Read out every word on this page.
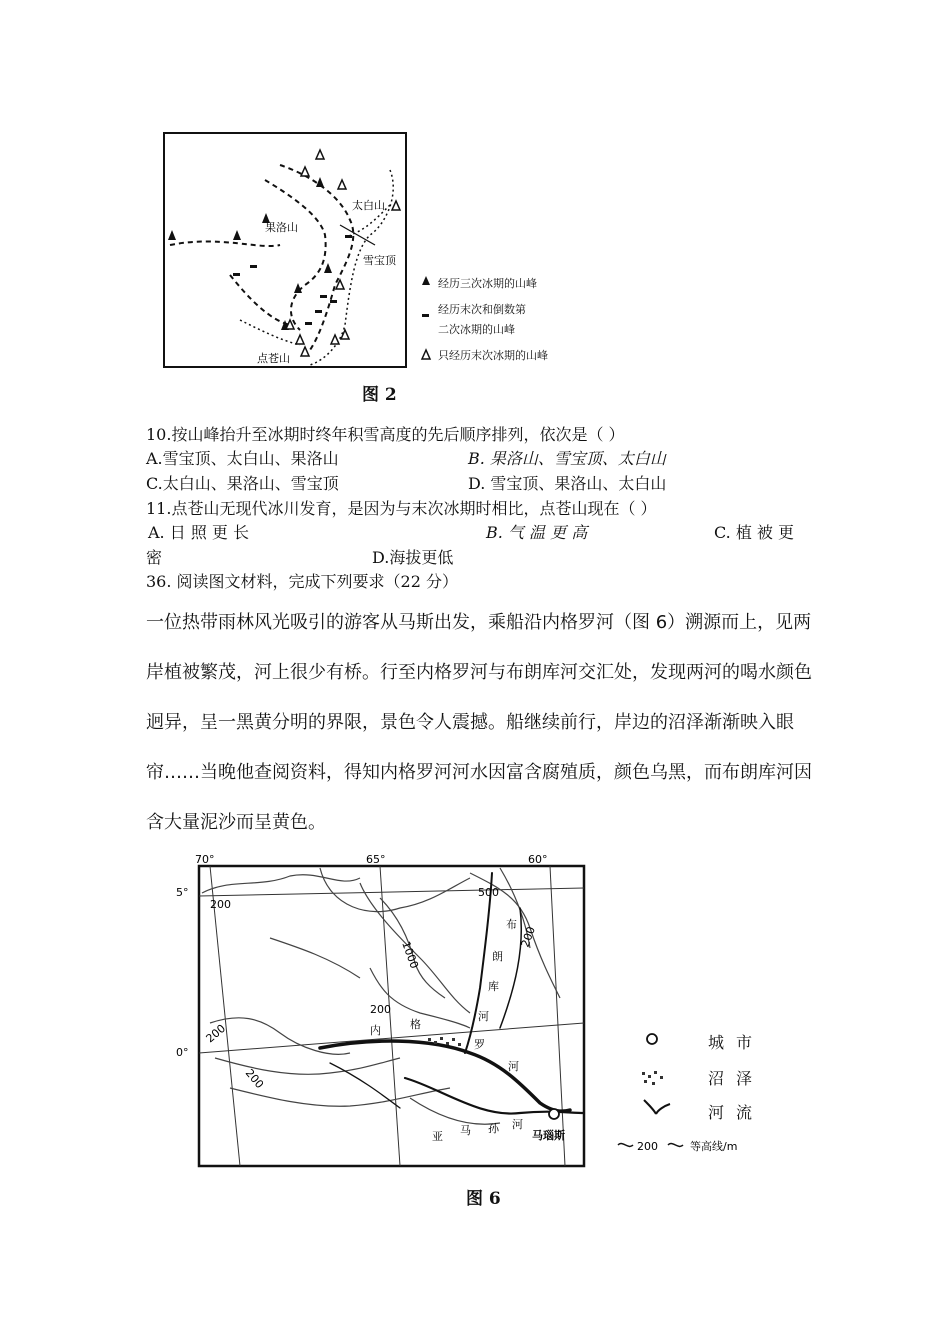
太白山
果洛山
雪宝顶
点苍山
经历三次冰期的山峰
经历末次和倒数第
二次冰期的山峰
只经历末次冰期的山峰
图 2
10.按山峰抬升至冰期时终年积雪高度的先后顺序排列，依次是（ ）
A.雪宝顶、太白山、果洛山	B. 果洛山、雪宝顶、太白山
C.太白山、果洛山、雪宝顶	D. 雪宝顶、果洛山、太白山
11.点苍山无现代冰川发育，是因为与末次冰期时相比，点苍山现在（ ）
A. 日 照 更 长	B. 气 温 更 高	C. 植 被 更
密	D.海拔更低
36. 阅读图文材料，完成下列要求（22 分）
一位热带雨林风光吸引的游客从马斯出发，乘船沿内格罗河（图 6）溯源而上，见两岸植被繁茂，河上很少有桥。行至内格罗河与布朗库河交汇处，发现两河的喝水颜色迥异，呈一黑黄分明的界限，景色令人震撼。船继续前行，岸边的沼泽渐渐映入眼帘……当晚他查阅资料，得知内格罗河河水因富含腐殖质，颜色乌黑，而布朗库河因含大量泥沙而呈黄色。
70°	65°	60°
5°
0°
200
1000
500
200
200
200
200
内	格
罗
河
布
朗
库
河
亚 马 孙 河
马瑙斯
200	等高线/m
城市
沼泽
河流
图 6
